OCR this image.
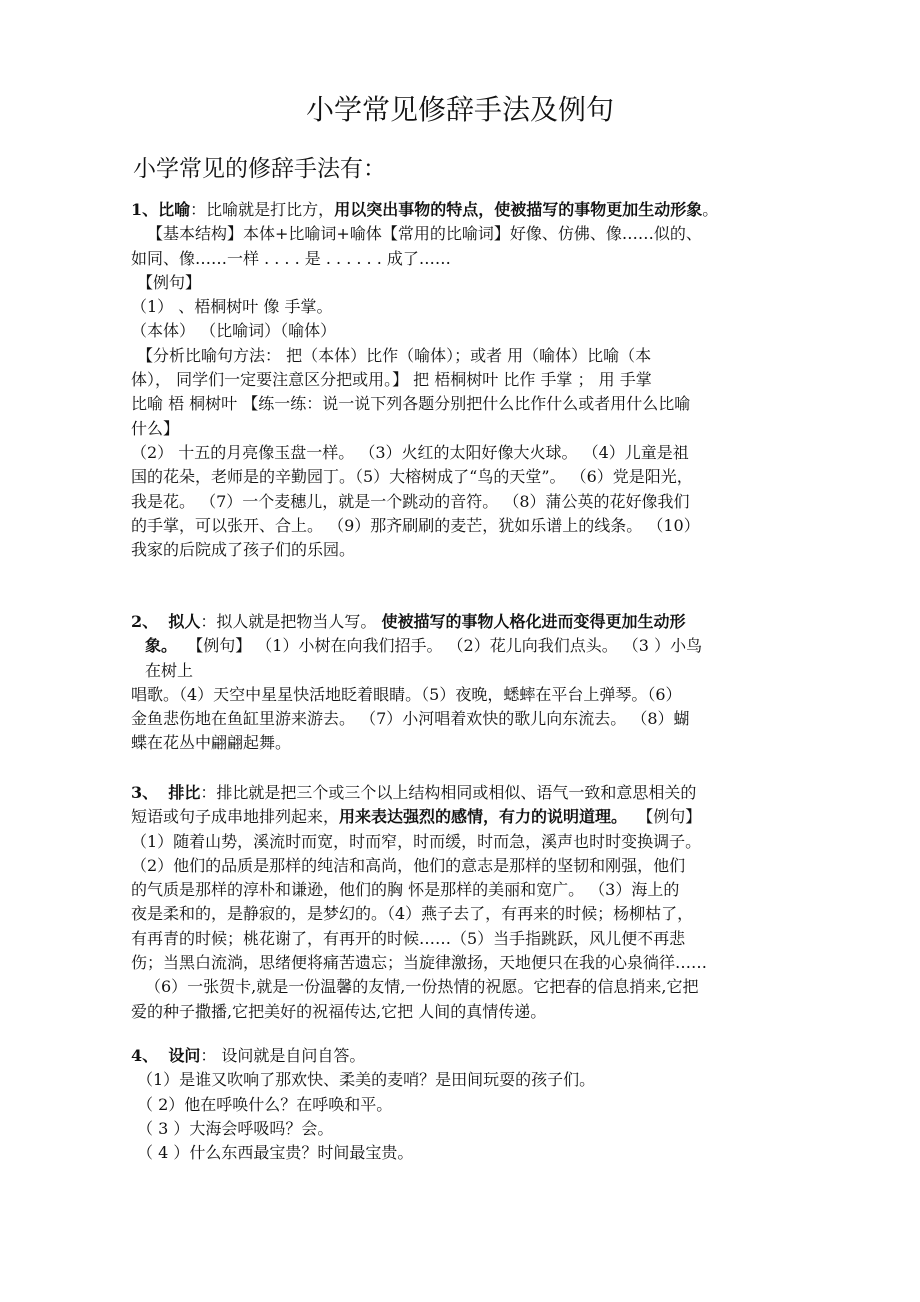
小学常见修辞手法及例句
小学常见的修辞手法有：

1、比喻：比喻就是打比方，用以突出事物的特点，使被描写的事物更加生动形象。

【基本结构】本体+比喻词+喻体【常用的比喻词】好像、仿佛、像……似的、

如同、像……一样 . . . . 是 . . . . . . 成了……

【例句】

（1） 、梧桐树叶 像 手掌。

（本体） （比喻词）（喻体）

【分析比喻句方法： 把（本体）比作（喻体）；或者 用（喻体）比喻（本

体）， 同学们一定要注意区分把或用。】 把 梧桐树叶 比作 手掌 ； 用 手掌

比喻 梧 桐树叶 【练一练：说一说下列各题分别把什么比作什么或者用什么比喻

什么】

（2） 十五的月亮像玉盘一样。 （3）火红的太阳好像大火球。 （4）儿童是祖

国的花朵，老师是的辛勤园丁。（5）大榕树成了“鸟的天堂”。 （6）党是阳光，

我是花。 （7）一个麦穗儿，就是一个跳动的音符。 （8）蒲公英的花好像我们

的手掌，可以张开、合上。 （9）那齐刷刷的麦芒，犹如乐谱上的线条。 （10）

我家的后院成了孩子们的乐园。

2、 拟人：拟人就是把物当人写。 使被描写的事物人格化进而变得更加生动形

象。 【例句】 （1）小树在向我们招手。 （2）花儿向我们点头。 （3 ）小鸟

在树上

唱歌。（4）天空中星星快活地眨着眼睛。（5）夜晚，蟋蟀在平台上弹琴。（6）

金鱼悲伤地在鱼缸里游来游去。 （7）小河唱着欢快的歌儿向东流去。 （8）蝴

蝶在花丛中翩翩起舞。

3、 排比：排比就是把三个或三个以上结构相同或相似、语气一致和意思相关的

短语或句子成串地排列起来，用来表达强烈的感情，有力的说明道理。 【例句】

（1）随着山势，溪流时而宽，时而窄，时而缓，时而急，溪声也时时变换调子。

（2）他们的品质是那样的纯洁和高尚，他们的意志是那样的坚韧和刚强，他们

的气质是那样的淳朴和谦逊，他们的胸 怀是那样的美丽和宽广。 （3）海上的

夜是柔和的，是静寂的，是梦幻的。（4）燕子去了，有再来的时候；杨柳枯了，

有再青的时候；桃花谢了，有再开的时候……（5）当手指跳跃，风儿便不再悲

伤；当黑白流淌，思绪便将痛苦遗忘；当旋律激扬，天地便只在我的心泉徜徉……

（6）一张贺卡,就是一份温馨的友情,一份热情的祝愿。它把春的信息捎来,它把

爱的种子撒播,它把美好的祝福传达,它把 人间的真情传递。

4、 设问： 设问就是自问自答。

（1）是谁又吹响了那欢快、柔美的麦哨？是田间玩耍的孩子们。

（ 2）他在呼唤什么？在呼唤和平。

（ 3 ）大海会呼吸吗？会。

（ 4 ）什么东西最宝贵？时间最宝贵。
